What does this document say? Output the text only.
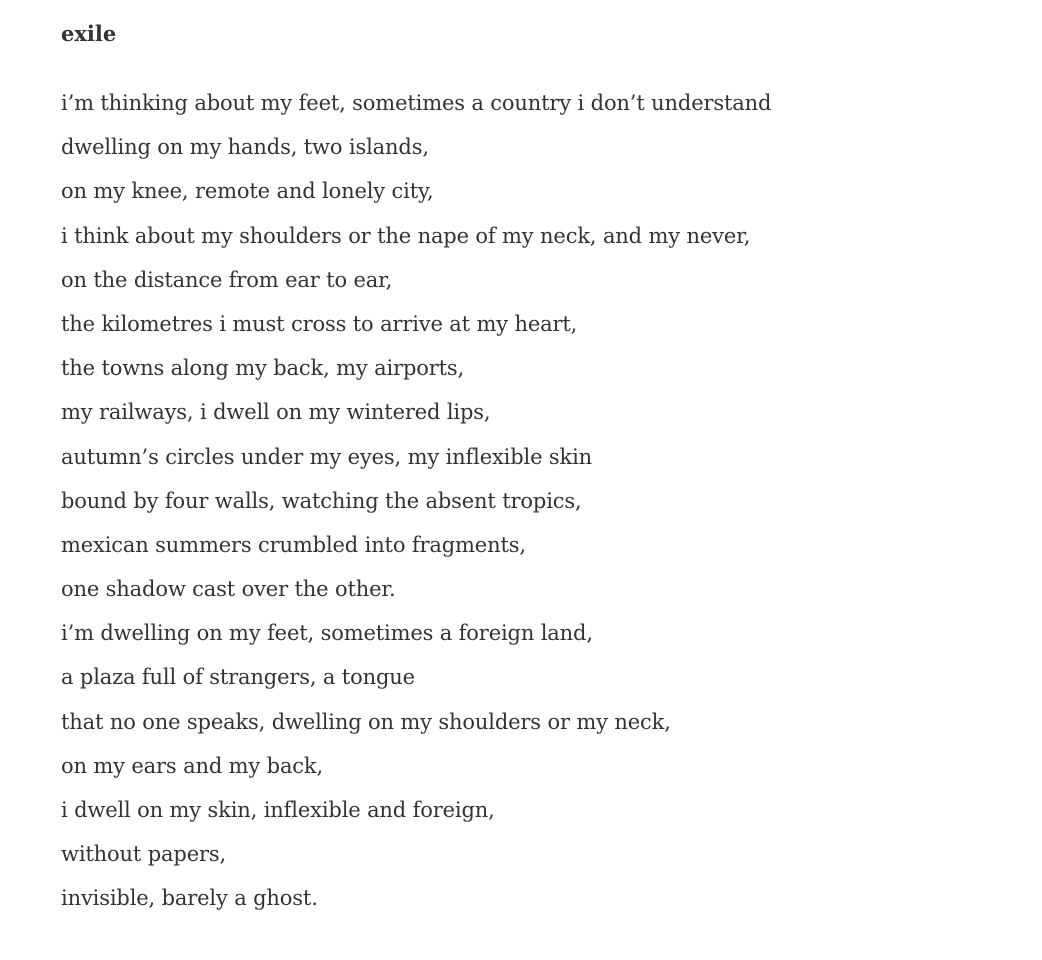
exile
i’m thinking about my feet, sometimes a country i don’t understand
dwelling on my hands, two islands,
on my knee, remote and lonely city,
i think about my shoulders or the nape of my neck, and my never,
on the distance from ear to ear,
the kilometres i must cross to arrive at my heart,
the towns along my back, my airports,
my railways, i dwell on my wintered lips,
autumn’s circles under my eyes, my inflexible skin
bound by four walls, watching the absent tropics,
mexican summers crumbled into fragments,
one shadow cast over the other.
i’m dwelling on my feet, sometimes a foreign land,
a plaza full of strangers, a tongue
that no one speaks, dwelling on my shoulders or my neck,
on my ears and my back,
i dwell on my skin, inflexible and foreign,
without papers,
invisible, barely a ghost.
